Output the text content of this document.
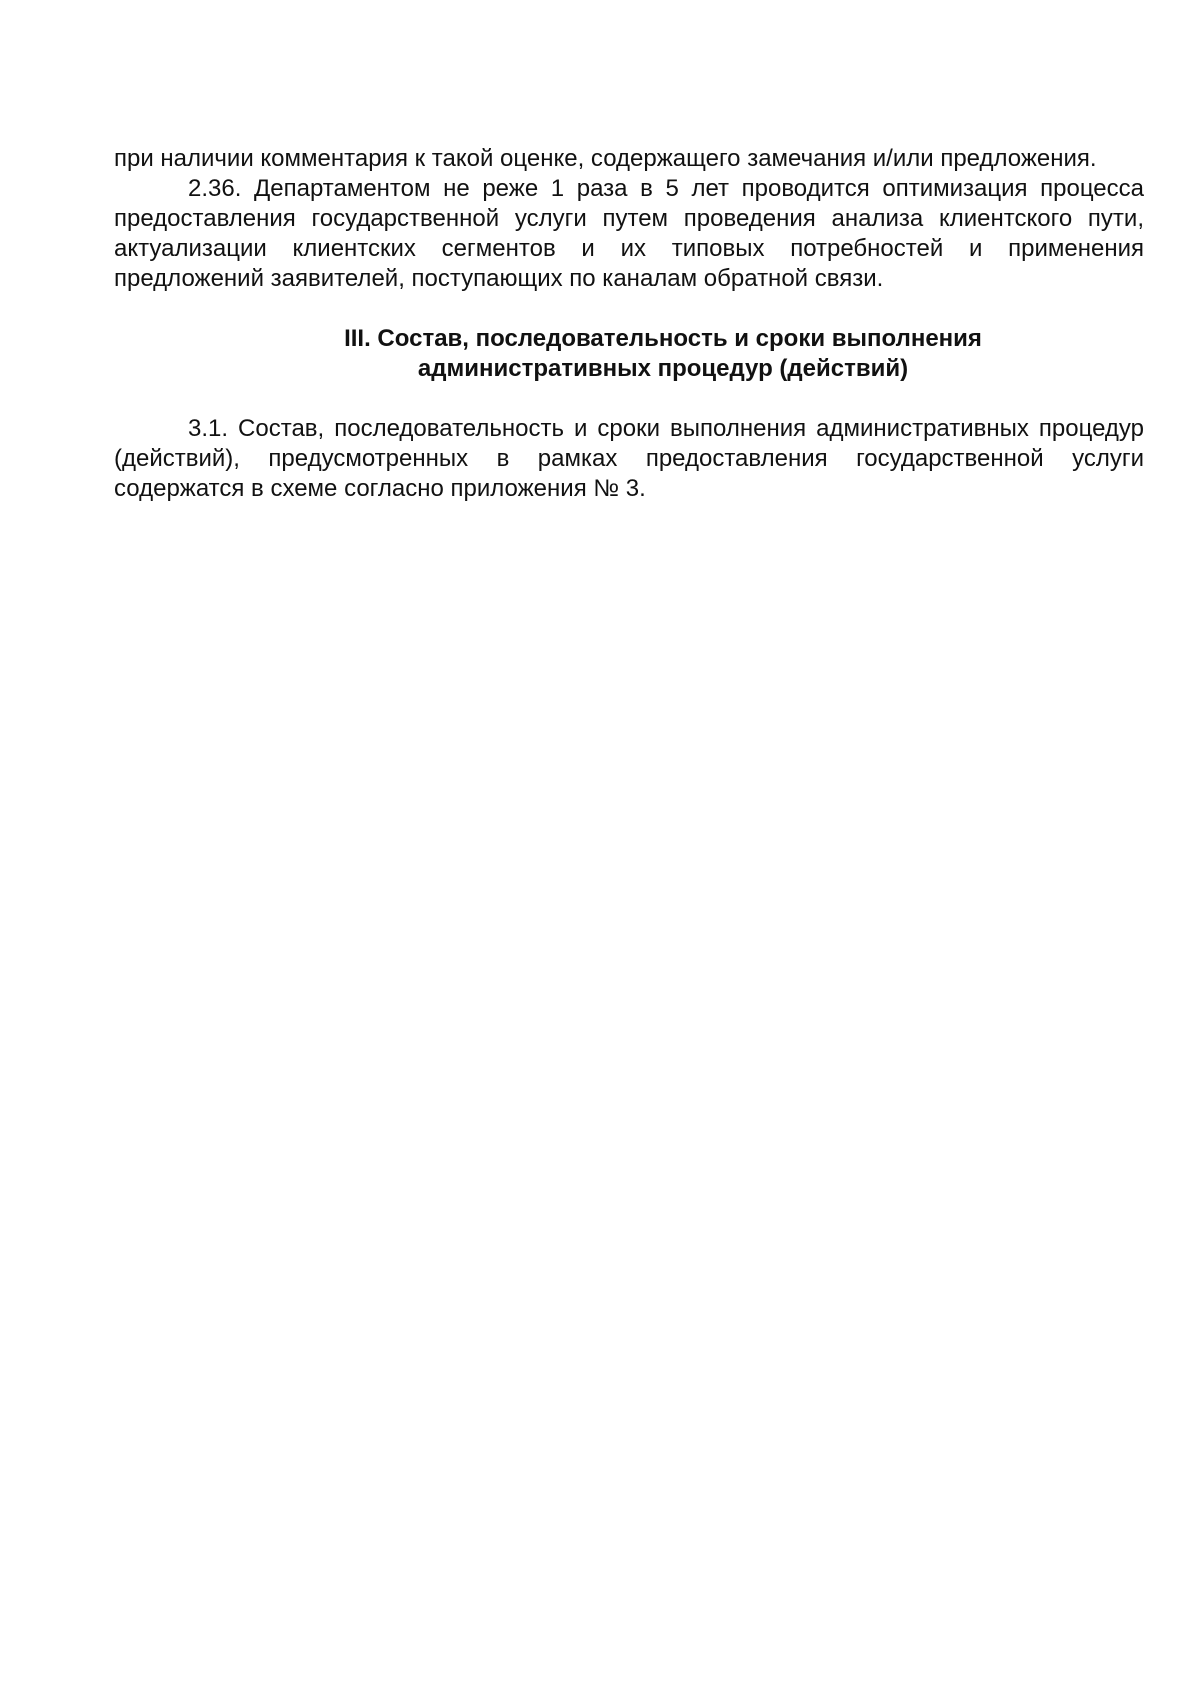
при наличии комментария к такой оценке, содержащего замечания и/или предложения.

2.36. Департаментом не реже 1 раза в 5 лет проводится оптимизация процесса предоставления государственной услуги путем проведения анализа клиентского пути, актуализации клиентских сегментов и их типовых потребностей и применения предложений заявителей, поступающих по каналам обратной связи.

III. Состав, последовательность и сроки выполнения
административных процедур (действий)

3.1. Состав, последовательность и сроки выполнения административных процедур (действий), предусмотренных в рамках предоставления государственной услуги содержатся в схеме согласно приложения № 3.
